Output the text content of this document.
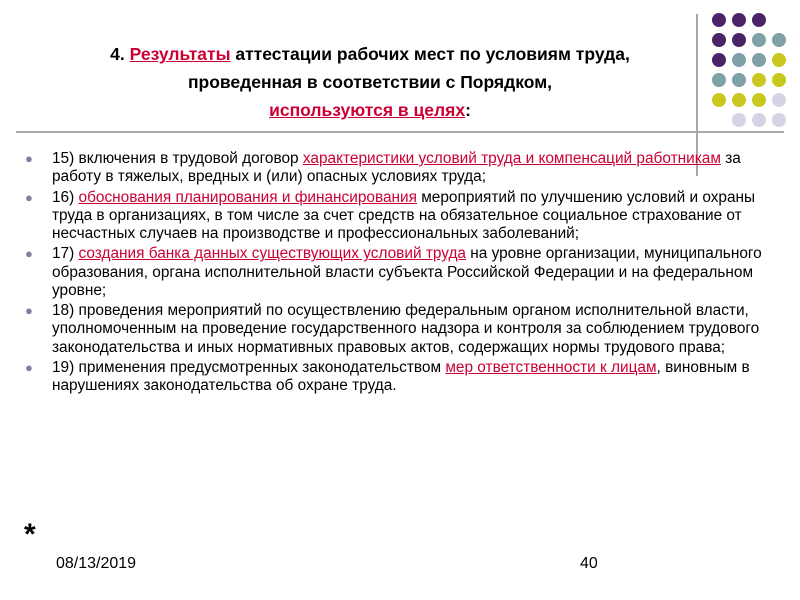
4. Результаты аттестации рабочих мест по условиям труда, проведенная в соответствии с Порядком,
используются в целях:
● 15) включения в трудовой договор характеристики условий труда и компенсаций работникам за работу в тяжелых, вредных и (или) опасных условиях труда;
● 16) обоснования планирования и финансирования мероприятий по улучшению условий и охраны труда в организациях, в том числе за счет средств на обязательное социальное страхование от несчастных случаев на производстве и профессиональных заболеваний;
● 17) создания банка данных существующих условий труда на уровне организации, муниципального образования, органа исполнительной власти субъекта Российской Федерации и на федеральном уровне;
● 18) проведения мероприятий по осуществлению федеральным органом исполнительной власти, уполномоченным на проведение государственного надзора и контроля за соблюдением трудового законодательства и иных нормативных правовых актов, содержащих нормы трудового права;
● 19) применения предусмотренных законодательством мер ответственности к лицам, виновным в нарушениях законодательства об охране труда.
*
08/13/2019	40
